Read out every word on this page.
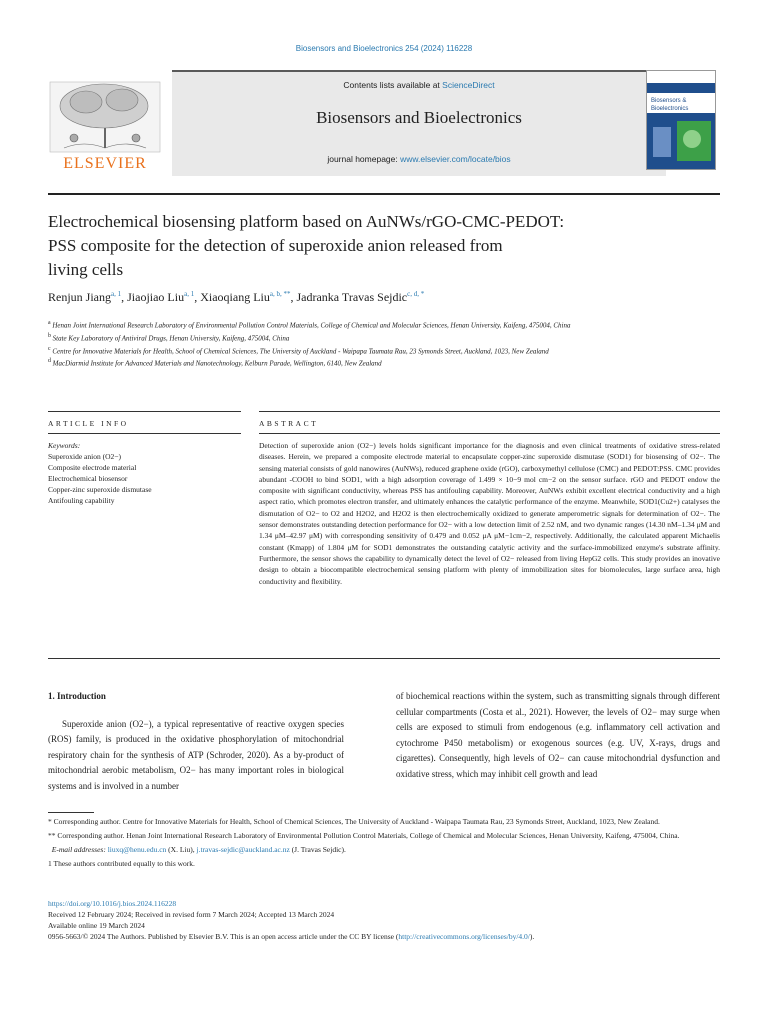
Biosensors and Bioelectronics 254 (2024) 116228
ELSEVIER
Contents lists available at ScienceDirect
Biosensors and Bioelectronics
journal homepage: www.elsevier.com/locate/bios
Biosensors &
Bioelectronics
Electrochemical biosensing platform based on AuNWs/rGO-CMC-PEDOT:
PSS composite for the detection of superoxide anion released from
living cells
Renjun Jiang$^{a, 1}$, Jiaojiao Liu$^{a, 1}$, Xiaoqiang Liu$^{a, b, **}$, Jadranka Travas Sejdic$^{c, d, *}$
$^a$ Henan Joint International Research Laboratory of Environmental Pollution Control Materials, College of Chemical and Molecular Sciences, Henan University, Kaifeng, 475004, China
$^b$ State Key Laboratory of Antiviral Drugs, Henan University, Kaifeng, 475004, China
$^c$ Centre for Innovative Materials for Health, School of Chemical Sciences, The University of Auckland - Waipapa Taumata Rau, 23 Symonds Street, Auckland, 1023, New Zealand
$^d$ MacDiarmid Institute for Advanced Materials and Nanotechnology, Kelburn Parade, Wellington, 6140, New Zealand
ARTICLE INFO	ABSTRACT
Keywords:
Superoxide anion (O2−)
Composite electrode material
Electrochemical biosensor
Copper-zinc superoxide dismutase
Antifouling capability
Detection of superoxide anion (O2−) levels holds significant importance for the diagnosis and even clinical treatments of oxidative stress-related diseases. Herein, we prepared a composite electrode material to encapsulate copper-zinc superoxide dismutase (SOD1) for biosensing of O2−. The sensing material consists of gold nanowires (AuNWs), reduced graphene oxide (rGO), carboxymethyl cellulose (CMC) and PEDOT:PSS. CMC provides abundant -COOH to bind SOD1, with a high adsorption coverage of 1.499 × 10−9 mol cm−2 on the sensor surface. rGO and PEDOT endow the composite with significant conductivity, whereas PSS has antifouling capability. Moreover, AuNWs exhibit excellent electrical conductivity and a high aspect ratio, which promotes electron transfer, and ultimately enhances the catalytic performance of the enzyme. Meanwhile, SOD1(Cu2+) catalyses the dismutation of O2− to O2 and H2O2, and H2O2 is then electrochemically oxidized to generate amperometric signals for determination of O2−. The sensor demonstrates outstanding detection performance for O2− with a low detection limit of 2.52 nM, and two dynamic ranges (14.30 nM–1.34 μM and 1.34 μM–42.97 μM) with corresponding sensitivity of 0.479 and 0.052 μA μM−1cm−2, respectively. Additionally, the calculated apparent Michaelis constant (Kmapp) of 1.804 μM for SOD1 demonstrates the outstanding catalytic activity and the surface-immobilized enzyme's substrate affinity. Furthermore, the sensor shows the capability to dynamically detect the level of O2− released from living HepG2 cells. This study provides an inovative design to obtain a biocompatible electrochemical sensing platform with plenty of immobilization sites for biomolecules, large surface area, high conductivity and flexibility.
1. Introduction

Superoxide anion (O2−), a typical representative of reactive oxygen species (ROS) family, is produced in the oxidative phosphorylation of mitochondrial respiratory chain for the synthesis of ATP (Schroder, 2020). As a by-product of mitochondrial aerobic metabolism, O2− has many important roles in biological systems and is involved in a number

of biochemical reactions within the system, such as transmitting signals through different cellular compartments (Costa et al., 2021). However, the levels of O2− may surge when cells are exposed to stimuli from endogenous (e.g. inflammatory cell activation and cytochrome P450 metabolism) or exogenous sources (e.g. UV, X-rays, drugs and cigarettes). Consequently, high levels of O2− can cause mitochondrial dysfunction and oxidative stress, which may inhibit cell growth and lead

* Corresponding author. Centre for Innovative Materials for Health, School of Chemical Sciences, The University of Auckland - Waipapa Taumata Rau, 23 Symonds Street, Auckland, 1023, New Zealand.

** Corresponding author. Henan Joint International Research Laboratory of Environmental Pollution Control Materials, College of Chemical and Molecular Sciences, Henan University, Kaifeng, 475004, China.

E-mail addresses: liuxq@henu.edu.cn (X. Liu), j.travas-sejdic@auckland.ac.nz (J. Travas Sejdic).

1 These authors contributed equally to this work.

https://doi.org/10.1016/j.bios.2024.116228

Received 12 February 2024; Received in revised form 7 March 2024; Accepted 13 March 2024

Available online 19 March 2024

0956-5663/© 2024 The Authors. Published by Elsevier B.V. This is an open access article under the CC BY license (http://creativecommons.org/licenses/by/4.0/).
